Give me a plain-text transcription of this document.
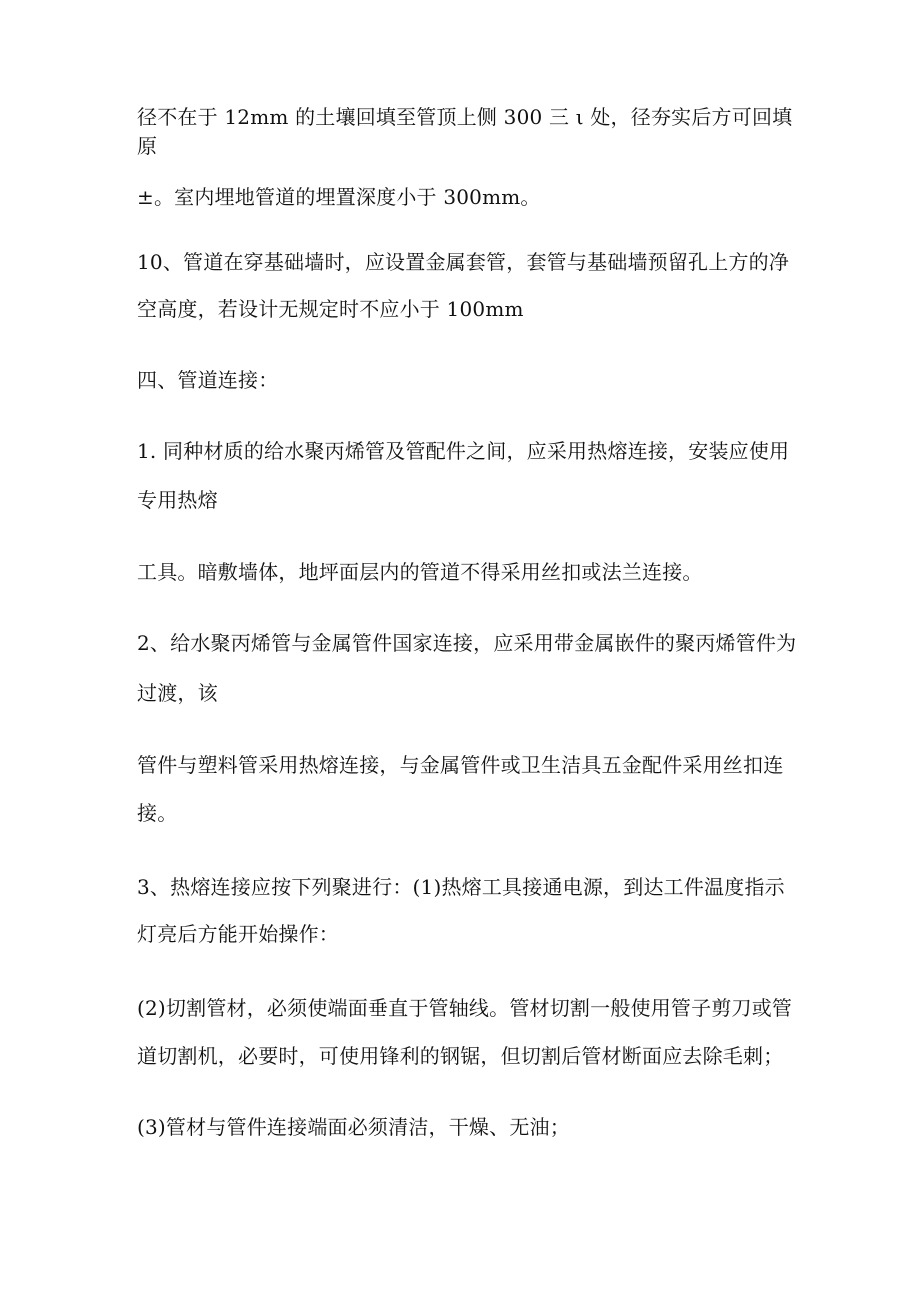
径不在于 12mm 的土壤回填至管顶上侧 300 三 ι 处，径夯实后方可回填
原
±。室内埋地管道的埋置深度小于 300mm。
10、管道在穿基础墙时，应设置金属套管，套管与基础墙预留孔上方的净
空高度，若设计无规定时不应小于 100mm
四、管道连接：
1. 同种材质的给水聚丙烯管及管配件之间，应采用热熔连接，安装应使用
专用热熔
工具。暗敷墙体，地坪面层内的管道不得采用丝扣或法兰连接。
2、给水聚丙烯管与金属管件国家连接，应采用带金属嵌件的聚丙烯管件为
过渡，该
管件与塑料管采用热熔连接，与金属管件或卫生洁具五金配件采用丝扣连
接。
3、热熔连接应按下列聚进行：(1)热熔工具接通电源，到达工件温度指示
灯亮后方能开始操作：
(2)切割管材，必须使端面垂直于管轴线。管材切割一般使用管子剪刀或管
道切割机，必要时，可使用锋利的钢锯，但切割后管材断面应去除毛刺；
(3)管材与管件连接端面必须清洁，干燥、无油；
